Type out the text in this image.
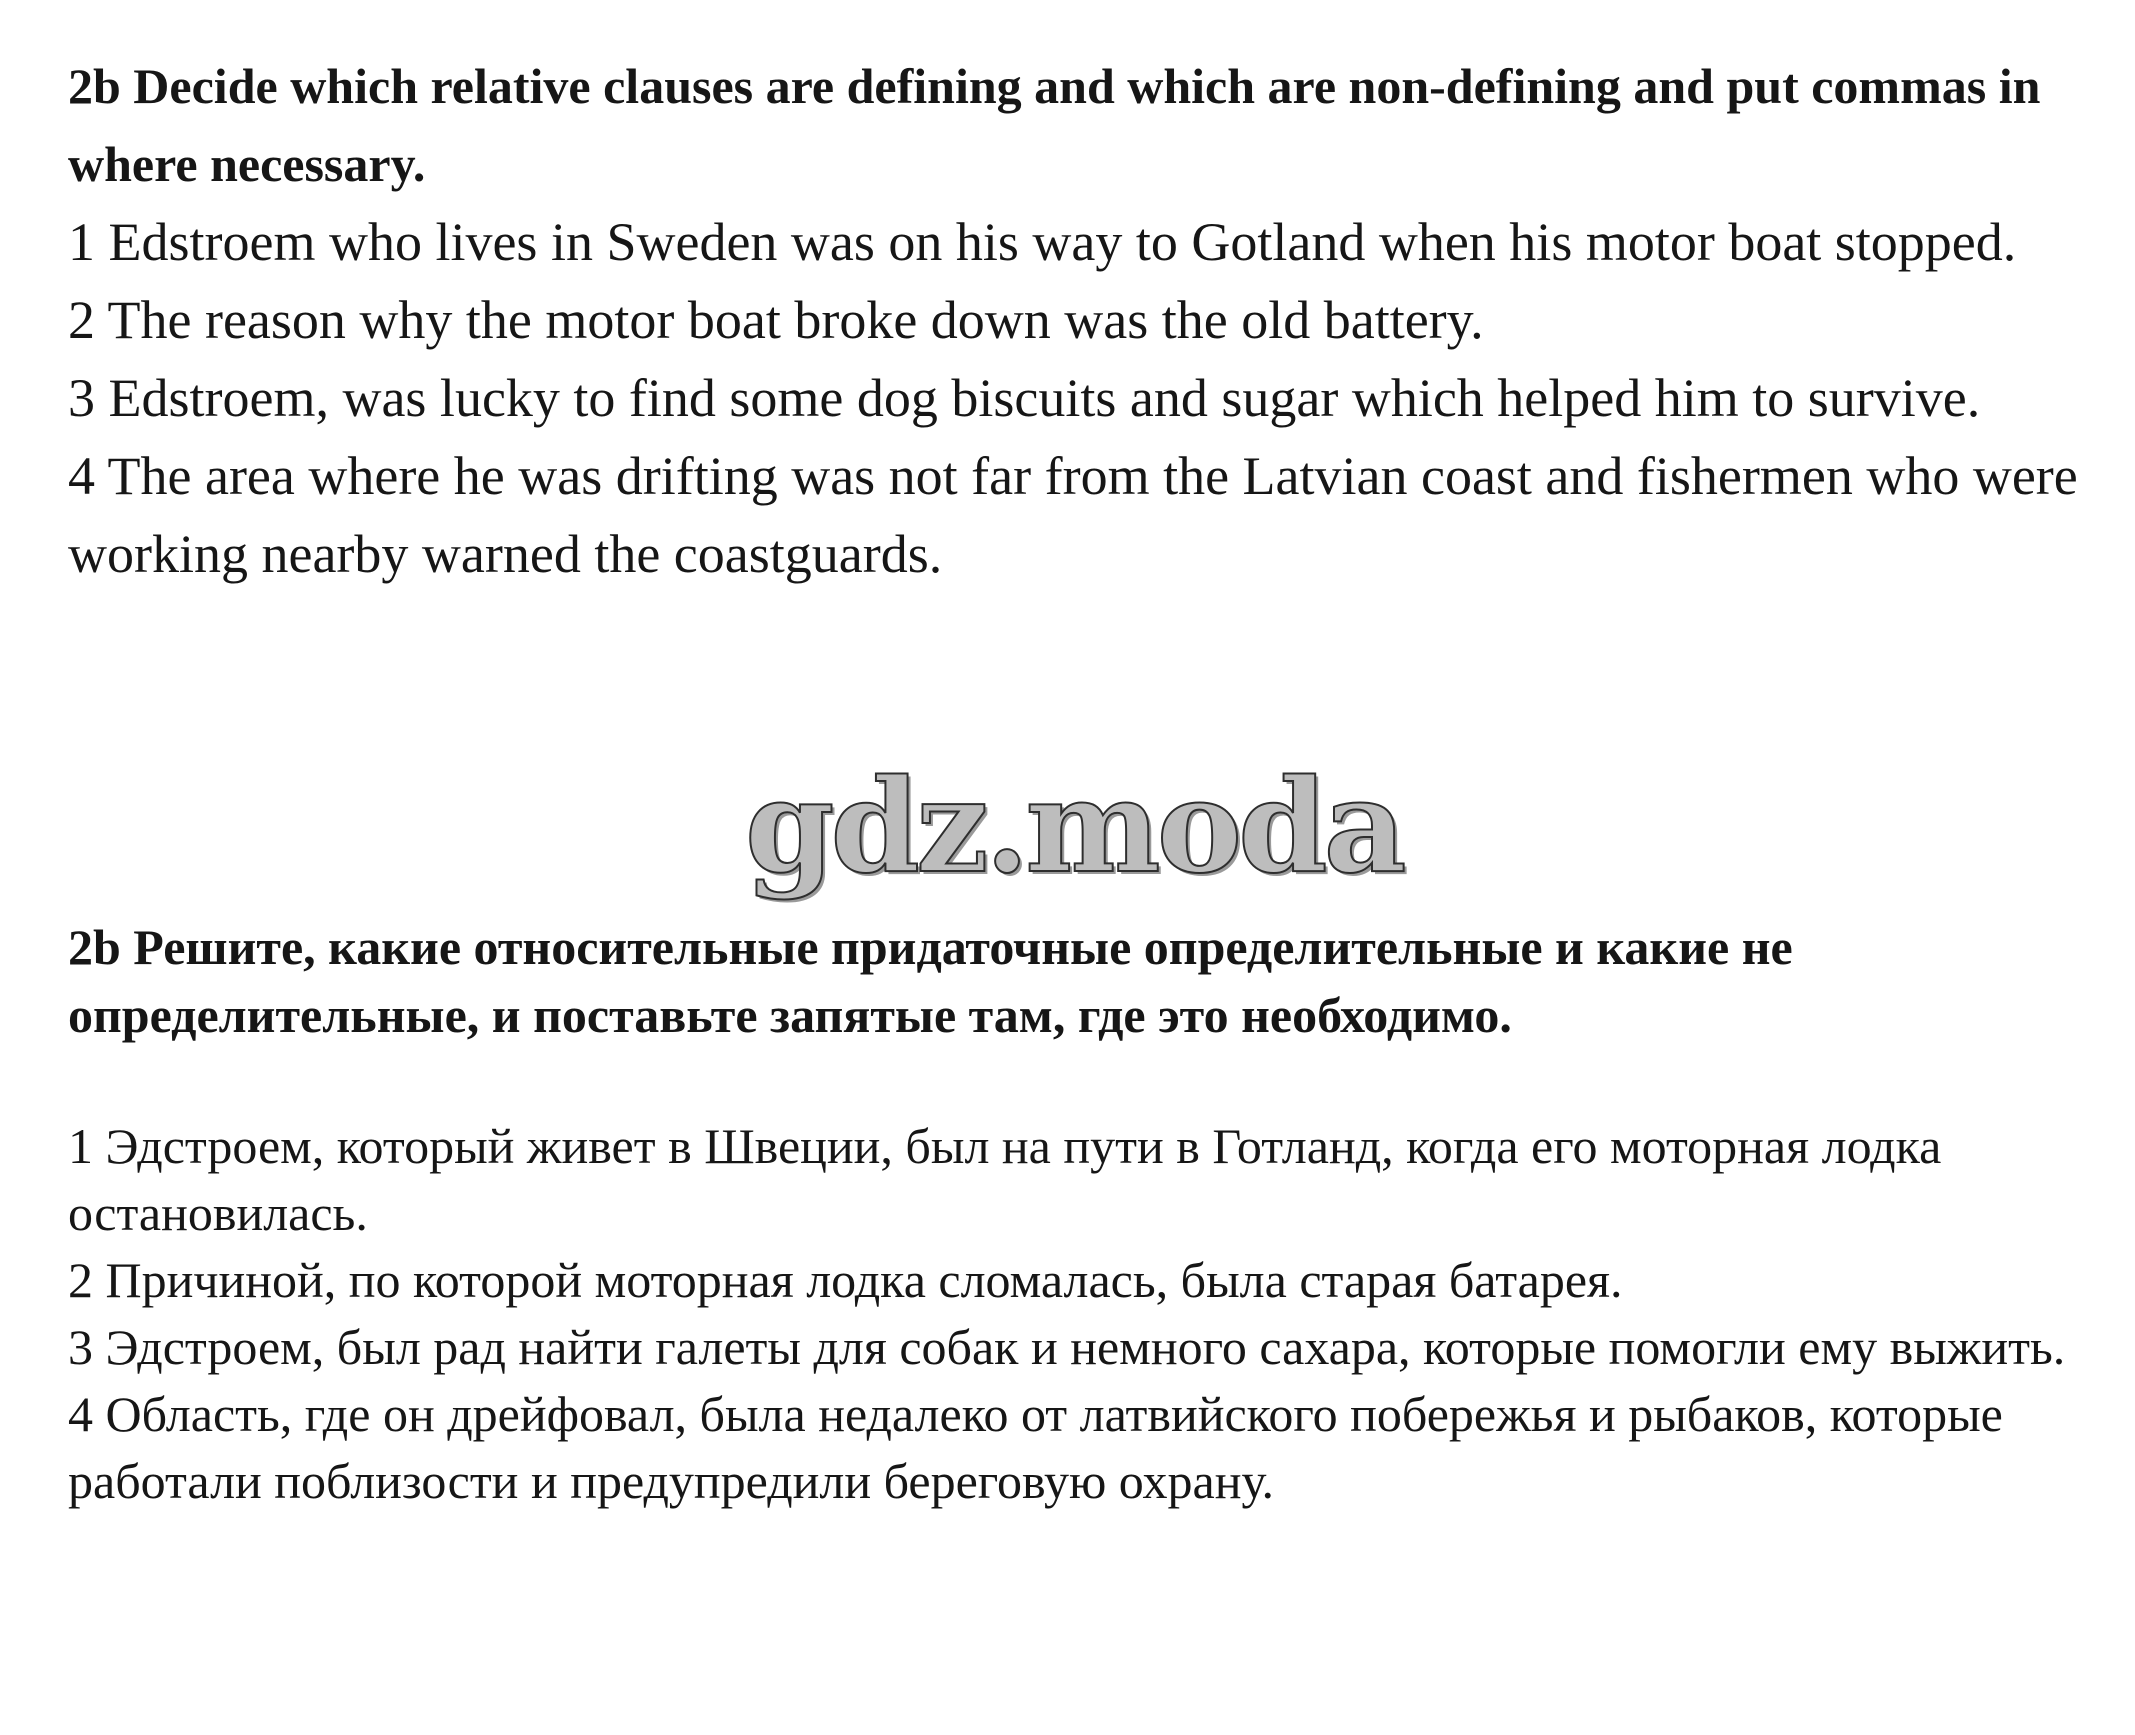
2b Decide which relative clauses are defining and which are non-defining and put commas in where necessary.

1 Edstroem who lives in Sweden was on his way to Gotland when his motor boat stopped.

2 The reason why the motor boat broke down was the old battery.

3 Edstroem, was lucky to find some dog biscuits and sugar which helped him to survive.

4 The area where he was drifting was not far from the Latvian coast and fishermen who were working nearby warned the coastguards.

gdz.moda

2b Решите, какие относительные придаточные определительные и какие не определительные, и поставьте запятые там, где это необходимо.

1 Эдстроем, который живет в Швеции, был на пути в Готланд, когда его моторная лодка остановилась.

2 Причиной, по которой моторная лодка сломалась, была старая батарея.

3 Эдстроем, был рад найти галеты для собак и немного сахара, которые помогли ему выжить.

4 Область, где он дрейфовал, была недалеко от латвийского побережья и рыбаков, которые работали поблизости и предупредили береговую охрану.
